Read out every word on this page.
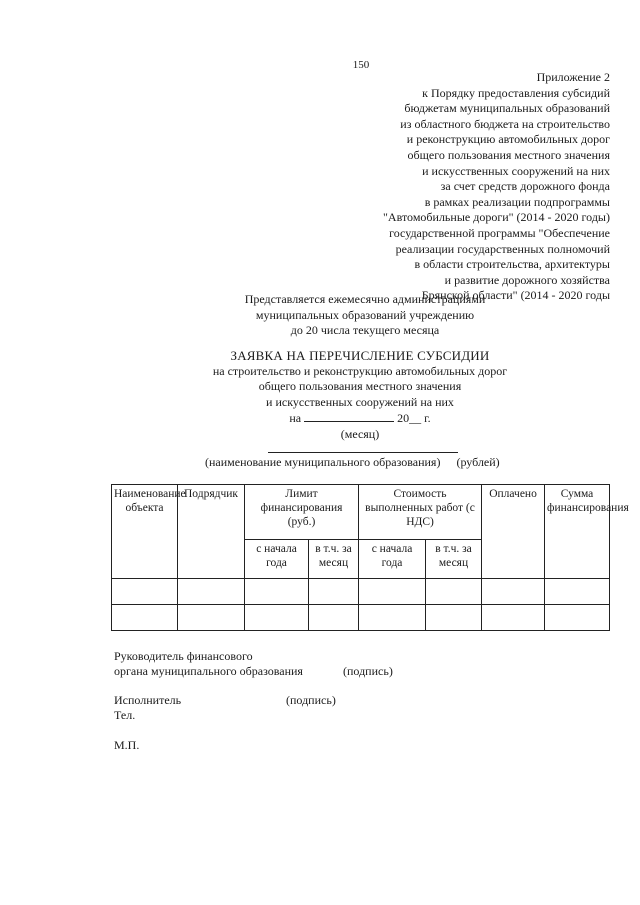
150
Приложение 2
к Порядку предоставления субсидий
бюджетам муниципальных образований
из областного бюджета на строительство
и реконструкцию автомобильных дорог
общего пользования местного значения
и искусственных сооружений на них
за счет средств дорожного фонда
в рамках реализации подпрограммы
"Автомобильные дороги" (2014 - 2020 годы)
государственной программы "Обеспечение
реализации государственных полномочий
в области строительства, архитектуры
и развитие дорожного хозяйства
Брянской области" (2014 - 2020 годы
Представляется ежемесячно администрациями
муниципальных образований учреждению
до 20 числа текущего месяца
ЗАЯВКА НА ПЕРЕЧИСЛЕНИЕ СУБСИДИИ
на строительство и реконструкцию автомобильных дорог
общего пользования местного значения
и искусственных сооружений на них
на	20__ г.
(месяц)
(наименование муниципального образования) (рублей)
Наименование объекта	Подрядчик	Лимит финансирования (руб.)		Стоимость выполненных работ (с НДС)		Оплачено	Сумма финансирования
		с начала года	в т.ч. за месяц	с начала года	в т.ч. за месяц		

Руководитель финансового
органа муниципального образования	(подпись)
Исполнитель	(подпись)
Тел.
М.П.
